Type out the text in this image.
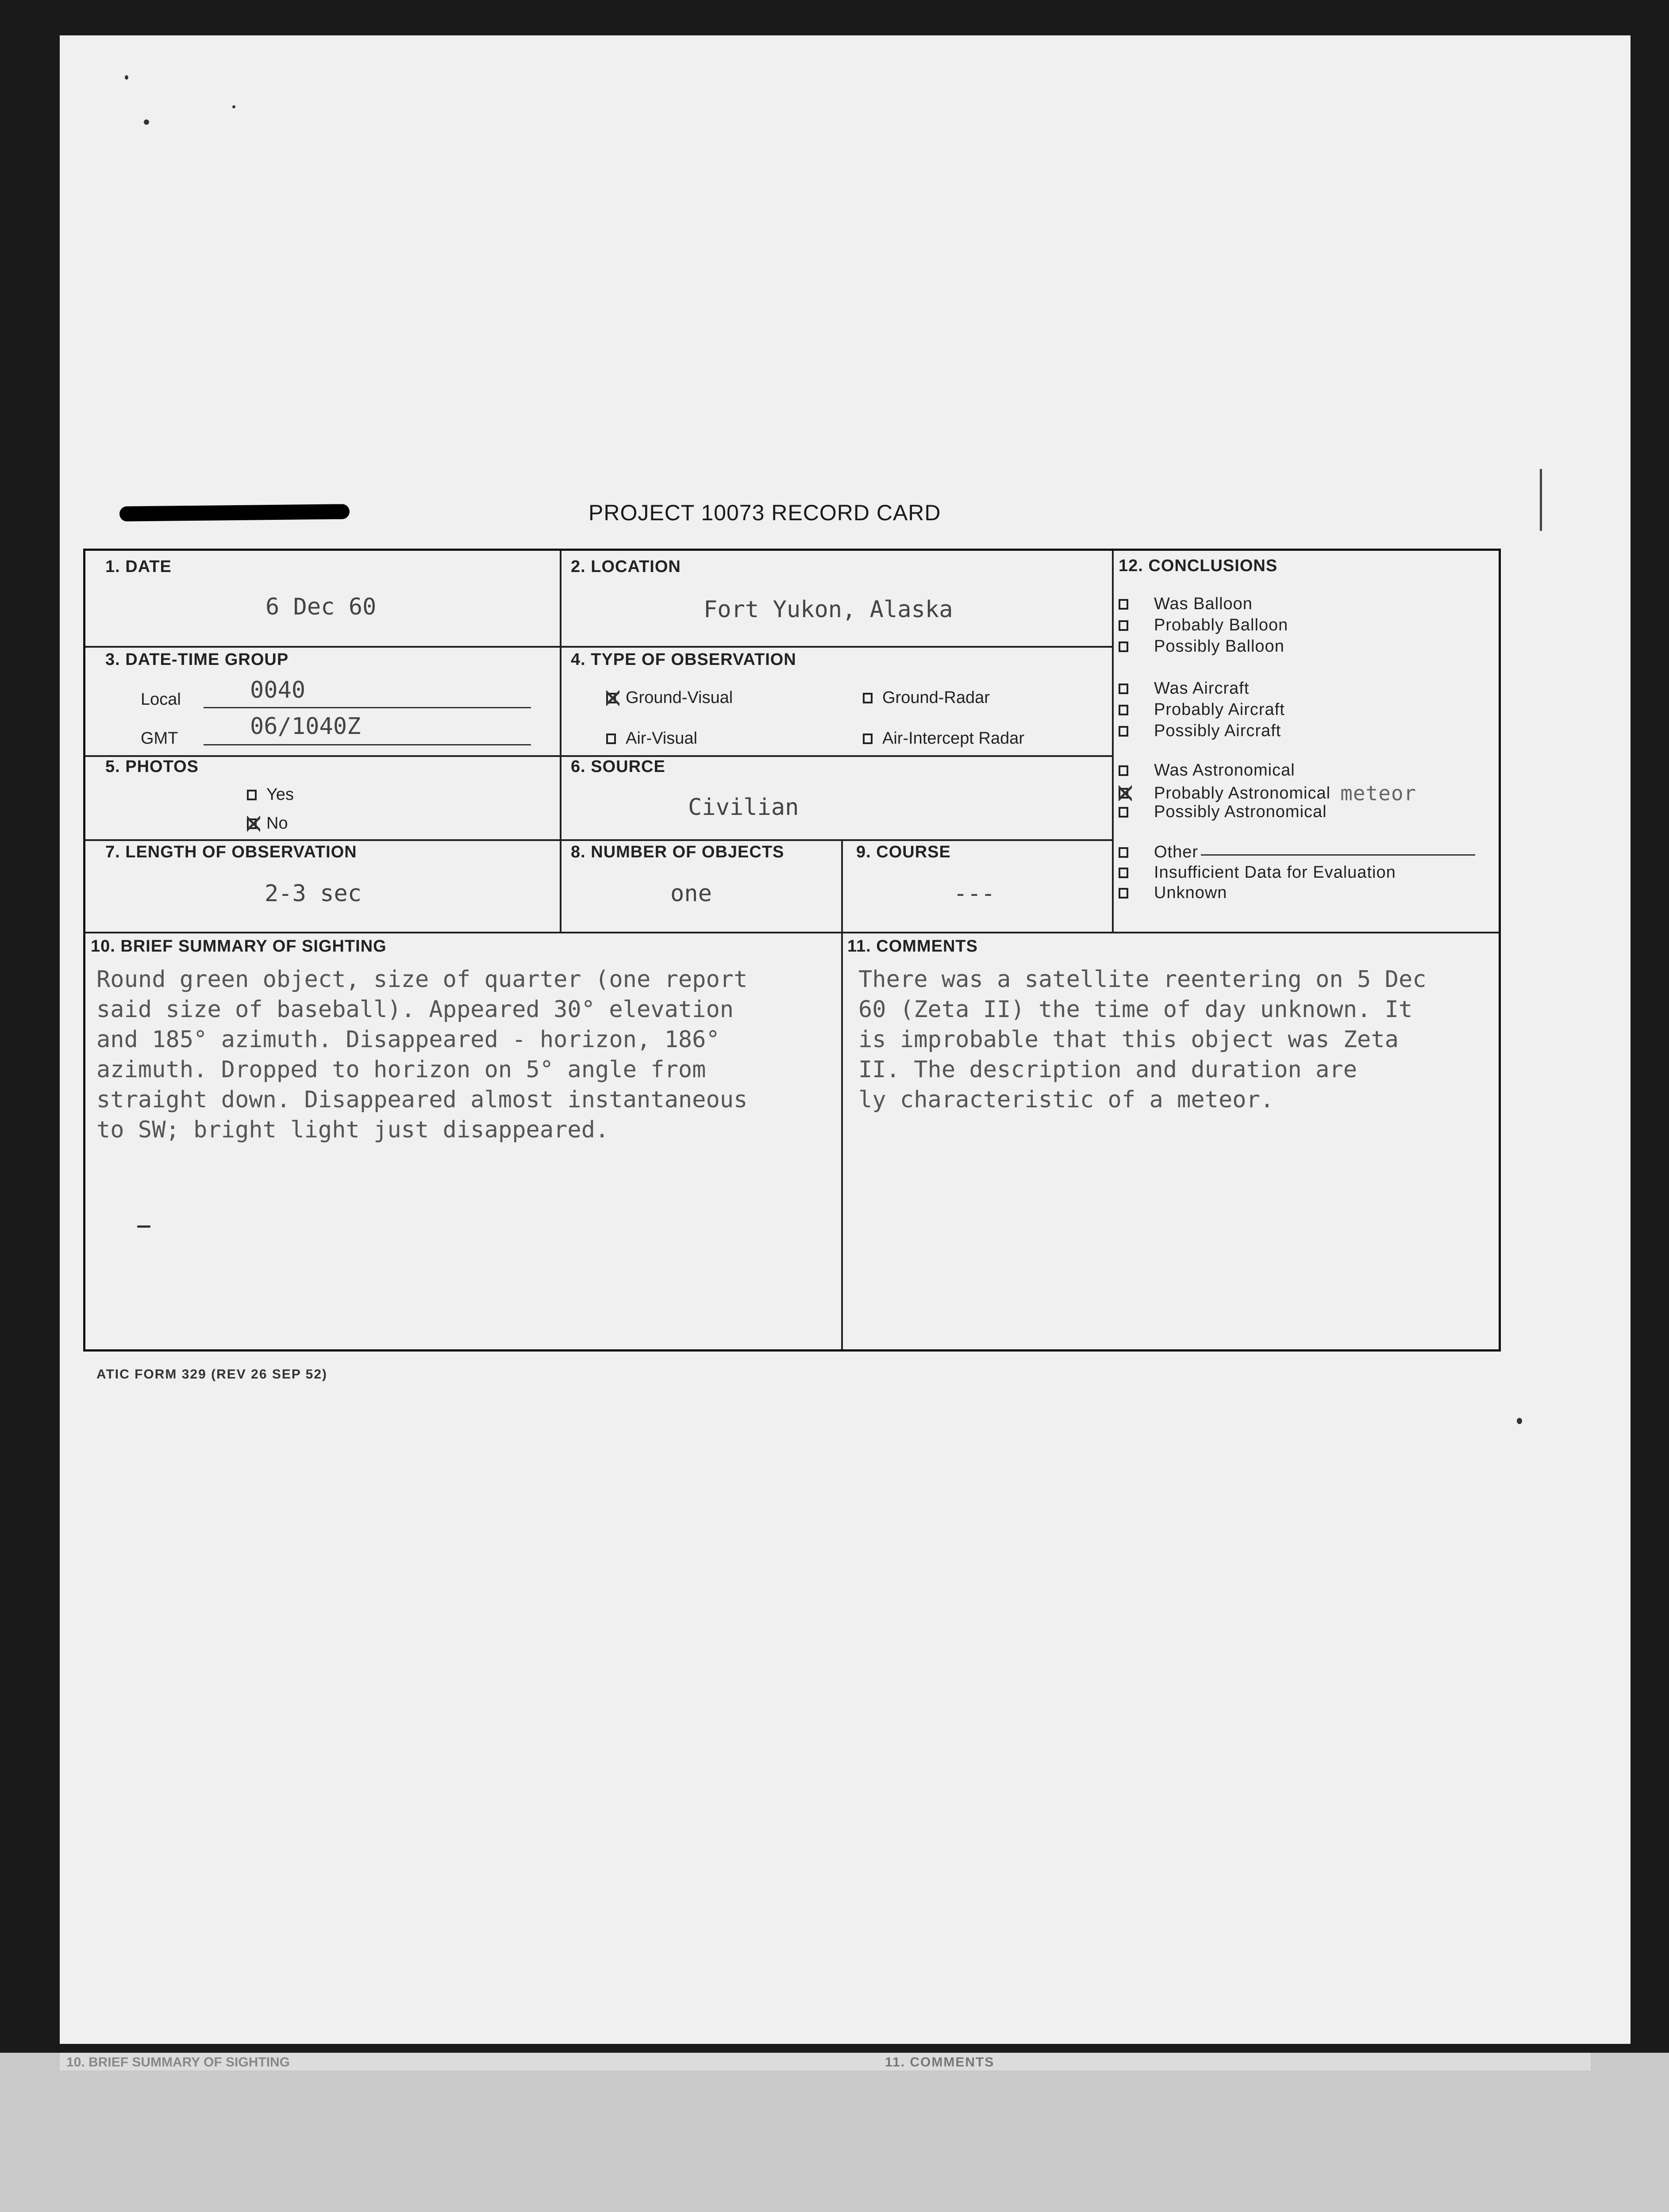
PROJECT 10073 RECORD CARD
1. DATE
6 Dec 60
2. LOCATION
Fort Yukon, Alaska
3. DATE-TIME GROUP
Local	0040
GMT	06/1040Z
4. TYPE OF OBSERVATION
Ground-Visual	Ground-Radar
Air-Visual	Air-Intercept Radar
5. PHOTOS
Yes
No
6. SOURCE
Civilian
7. LENGTH OF OBSERVATION
2-3 sec
8. NUMBER OF OBJECTS
one
9. COURSE
---
12. CONCLUSIONS
Was Balloon
Probably Balloon
Possibly Balloon
Was Aircraft
Probably Aircraft
Possibly Aircraft
Was Astronomical
Probably Astronomical meteor
Possibly Astronomical
Other
Insufficient Data for Evaluation
Unknown
10. BRIEF SUMMARY OF SIGHTING
Round green object, size of quarter (one report
said size of baseball). Appeared 30° elevation
and 185° azimuth. Disappeared - horizon, 186°
azimuth. Dropped to horizon on 5° angle from
straight down. Disappeared almost instantaneous
to SW; bright light just disappeared.
11. COMMENTS
There was a satellite reentering on 5 Dec
60 (Zeta II) the time of day unknown. It
is improbable that this object was Zeta
II. The description and duration are
ly characteristic of a meteor.
ATIC FORM 329 (REV 26 SEP 52)
10. BRIEF SUMMARY OF SIGHTING	11. COMMENTS
